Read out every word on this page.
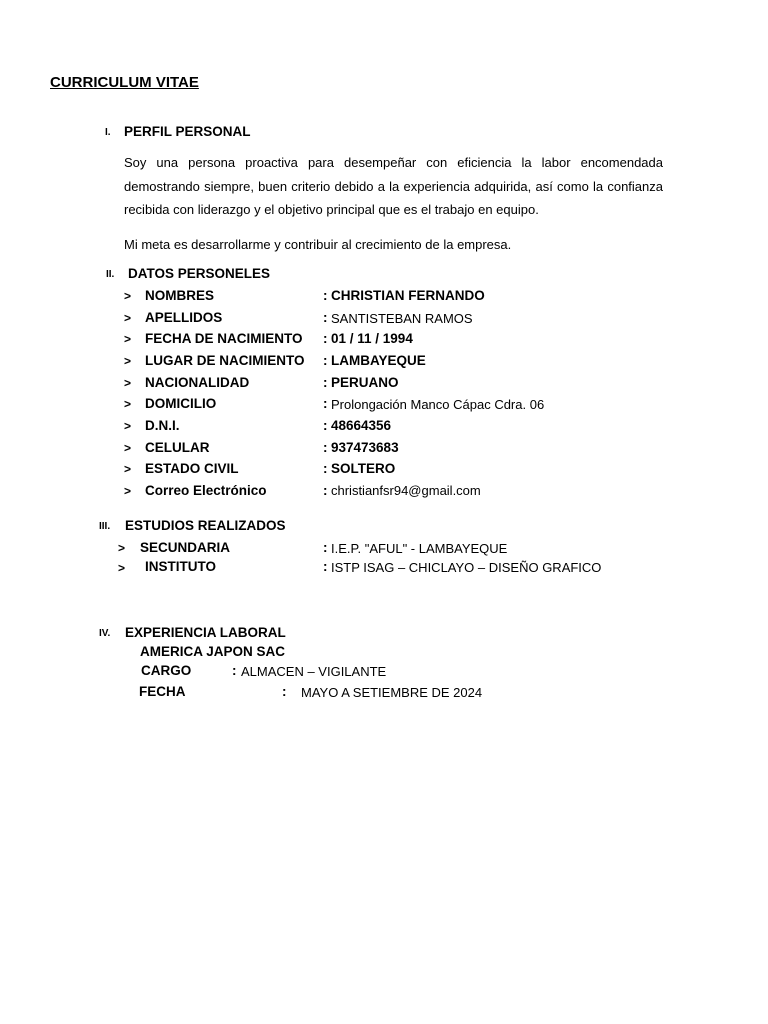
CURRICULUM VITAE
I. PERFIL PERSONAL
Soy una persona proactiva para desempeñar con eficiencia la labor encomendada demostrando siempre, buen criterio debido a la experiencia adquirida, así como la confianza recibida con liderazgo y el objetivo principal que es el trabajo en equipo.
Mi meta es desarrollarme y contribuir al crecimiento de la empresa.
II. DATOS PERSONELES
> NOMBRES	: CHRISTIAN FERNANDO
> APELLIDOS	: SANTISTEBAN RAMOS
> FECHA DE NACIMIENTO : 01 / 11 / 1994
> LUGAR DE NACIMIENTO : LAMBAYEQUE
> NACIONALIDAD	: PERUANO
> DOMICILIO	: Prolongación Manco Cápac Cdra. 06
> D.N.I.	: 48664356
> CELULAR	: 937473683
> ESTADO CIVIL	: SOLTERO
> Correo Electrónico	: christianfsr94@gmail.com
III. ESTUDIOS REALIZADOS
> SECUNDARIA	: I.E.P. "AFUL" - LAMBAYEQUE
> INSTITUTO	: ISTP ISAG – CHICLAYO – DISEÑO GRAFICO
IV. EXPERIENCIA LABORAL
AMERICA JAPON SAC
CARGO	: ALMACEN – VIGILANTE
FECHA	: MAYO A SETIEMBRE DE 2024
